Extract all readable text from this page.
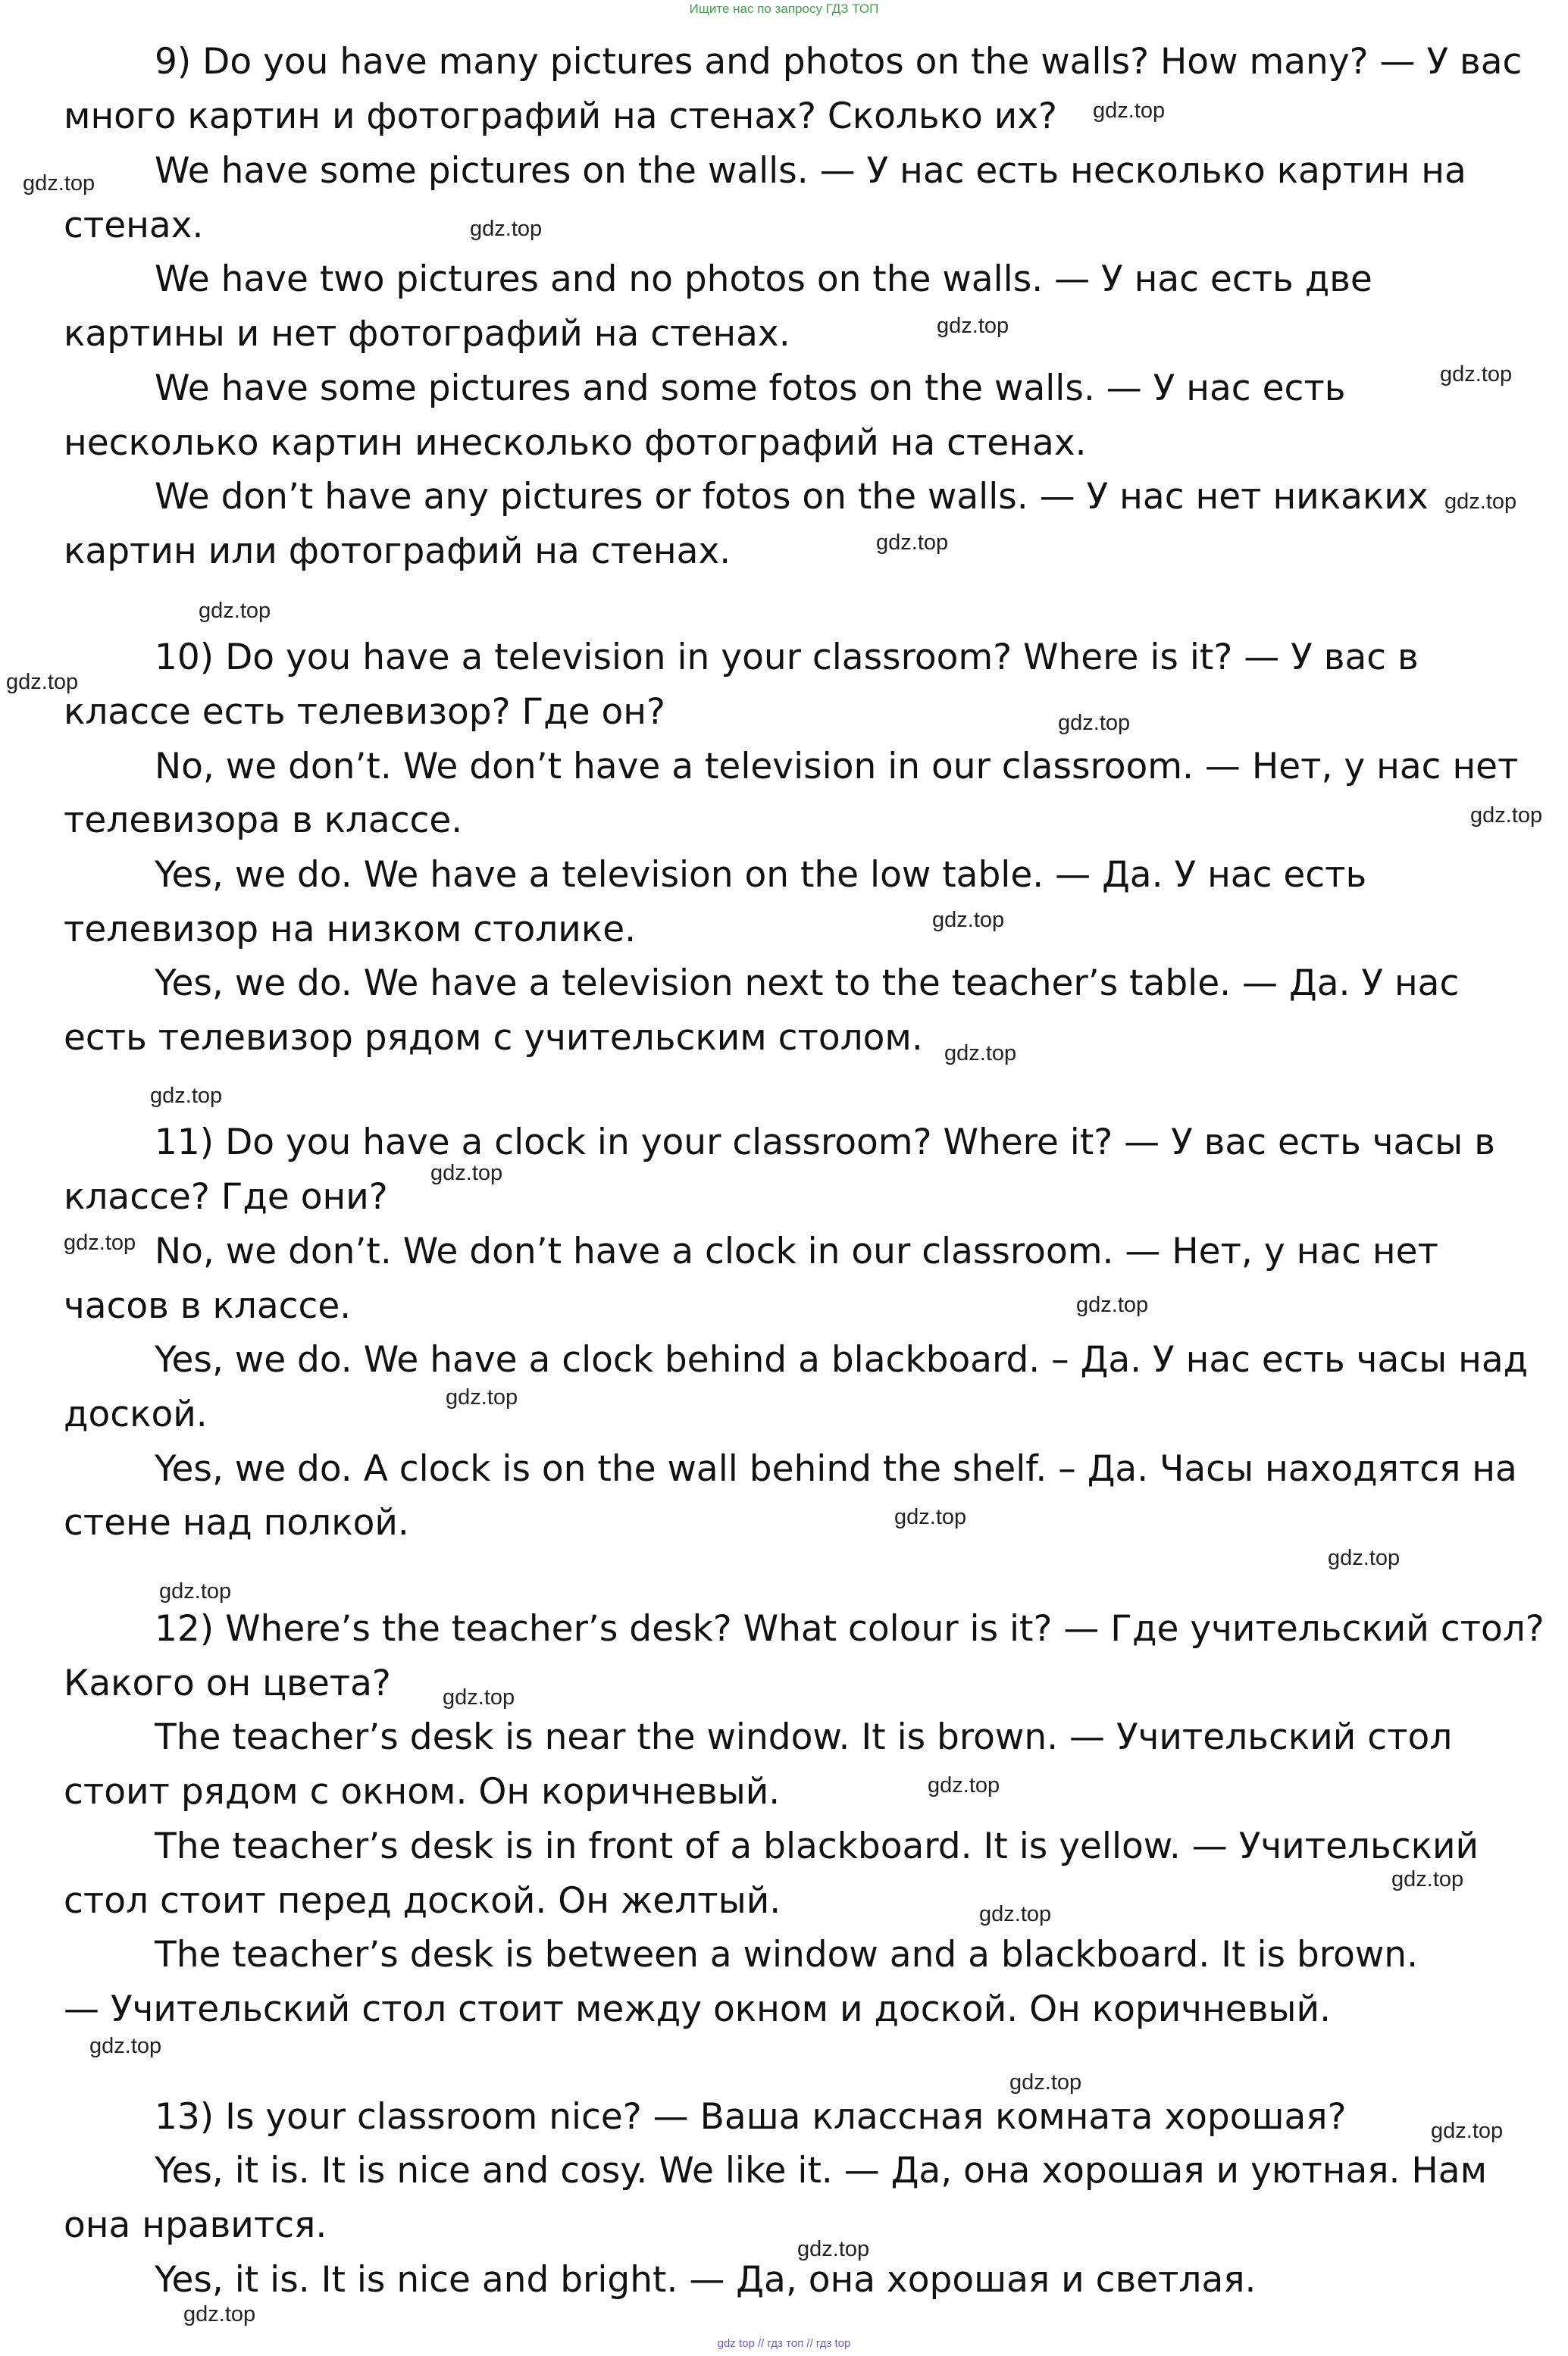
Ищите нас по запросу ГДЗ ТОП
9) Do you have many pictures and photos on the walls? How many? — У вас
много картин и фотографий на стенах? Сколько их?
We have some pictures on the walls. — У нас есть несколько картин на
стенах.
We have two pictures and no photos on the walls. — У нас есть две
картины и нет фотографий на стенах.
We have some pictures and some fotos on the walls. — У нас есть
несколько картин инесколько фотографий на стенах.
We don’t have any pictures or fotos on the walls. — У нас нет никаких
картин или фотографий на стенах.
10) Do you have a television in your classroom? Where is it? — У вас в
классе есть телевизор? Где он?
No, we don’t. We don’t have a television in our classroom. — Нет, у нас нет
телевизора в классе.
Yes, we do. We have a television on the low table. — Да. У нас есть
телевизор на низком столике.
Yes, we do. We have a television next to the teacher’s table. — Да. У нас
есть телевизор рядом с учительским столом.
11) Do you have a clock in your classroom? Where it? — У вас есть часы в
классе? Где они?
No, we don’t. We don’t have a clock in our classroom. — Нет, у нас нет
часов в классе.
Yes, we do. We have a clock behind a blackboard. – Да. У нас есть часы над
доской.
Yes, we do. A clock is on the wall behind the shelf. – Да. Часы находятся на
стене над полкой.
12) Where’s the teacher’s desk? What colour is it? — Где учительский стол?
Какого он цвета?
The teacher’s desk is near the window. It is brown. — Учительский стол
стоит рядом с окном. Он коричневый.
The teacher’s desk is in front of a blackboard. It is yellow. — Учительский
стол стоит перед доской. Он желтый.
The teacher’s desk is between a window and a blackboard. It is brown.
— Учительский стол стоит между окном и доской. Он коричневый.
13) Is your classroom nice? — Ваша классная комната хорошая?
Yes, it is. It is nice and cosy. We like it. — Да, она хорошая и уютная. Нам
она нравится.
Yes, it is. It is nice and bright. — Да, она хорошая и светлая.
gdz.top
gdz.top
gdz.top
gdz.top
gdz.top
gdz.top
gdz.top
gdz.top
gdz.top
gdz.top
gdz.top
gdz.top
gdz.top
gdz.top
gdz.top
gdz.top
gdz.top
gdz.top
gdz.top
gdz.top
gdz.top
gdz.top
gdz.top
gdz.top
gdz.top
gdz.top
gdz.top
gdz.top
gdz.top
gdz.top
gdz top // гдз топ // гдз top
